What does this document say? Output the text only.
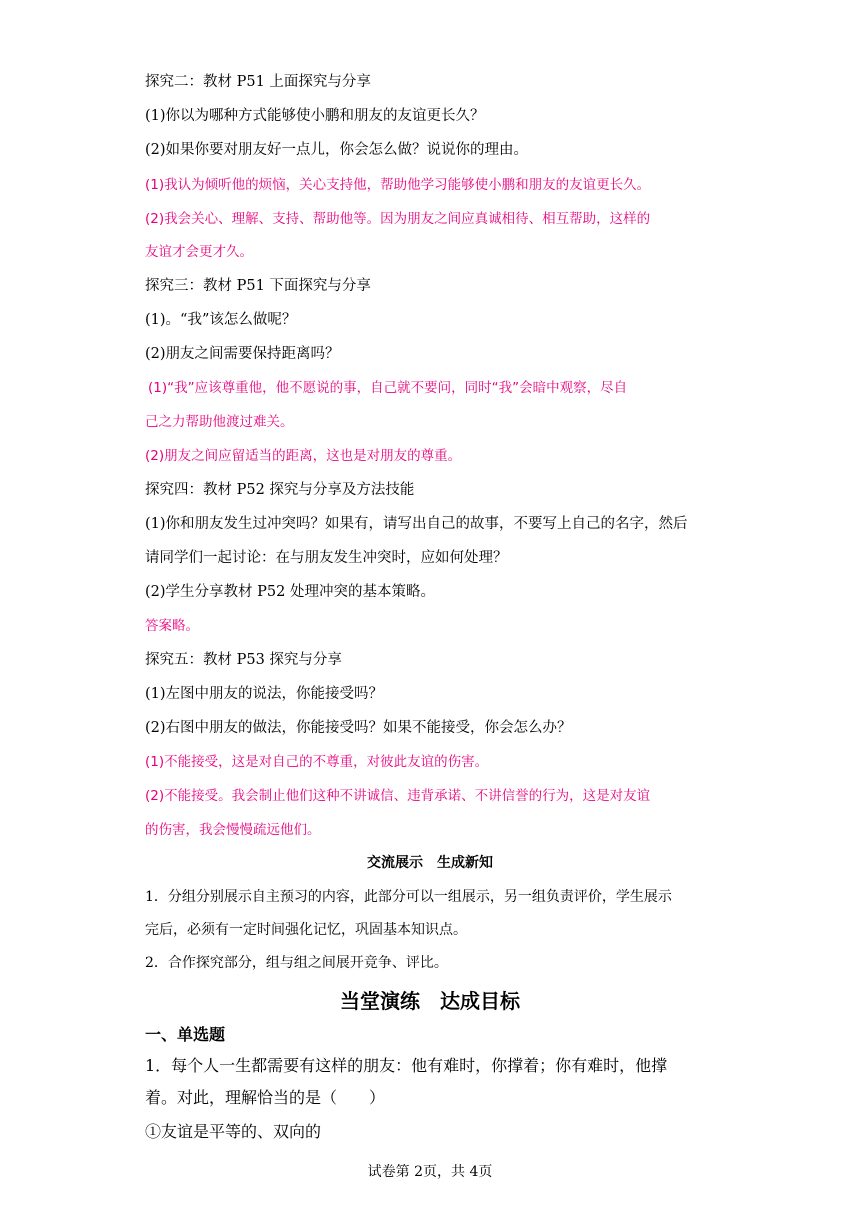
探究二：教材 P51 上面探究与分享
(1)你以为哪种方式能够使小鹏和朋友的友谊更长久？
(2)如果你要对朋友好一点儿，你会怎么做？说说你的理由。
(1)我认为倾听他的烦恼，关心支持他，帮助他学习能够使小鹏和朋友的友谊更长久。
(2)我会关心、理解、支持、帮助他等。因为朋友之间应真诚相待、相互帮助，这样的
友谊才会更才久。
探究三：教材 P51 下面探究与分享
(1)。“我”该怎么做呢？
(2)朋友之间需要保持距离吗？
(1)“我”应该尊重他，他不愿说的事，自己就不要问，同时“我”会暗中观察，尽自
己之力帮助他渡过难关。
(2)朋友之间应留适当的距离，这也是对朋友的尊重。
探究四：教材 P52 探究与分享及方法技能
(1)你和朋友发生过冲突吗？如果有，请写出自己的故事，不要写上自己的名字，然后
请同学们一起讨论：在与朋友发生冲突时，应如何处理？
(2)学生分享教材 P52 处理冲突的基本策略。
答案略。
探究五：教材 P53 探究与分享
(1)左图中朋友的说法，你能接受吗？
(2)右图中朋友的做法，你能接受吗？如果不能接受，你会怎么办？
(1)不能接受，这是对自己的不尊重，对彼此友谊的伤害。
(2)不能接受。我会制止他们这种不讲诚信、违背承诺、不讲信誉的行为，这是对友谊
的伤害，我会慢慢疏远他们。
交流展示　生成新知
1．分组分别展示自主预习的内容，此部分可以一组展示，另一组负责评价，学生展示
完后，必须有一定时间强化记忆，巩固基本知识点。
2．合作探究部分，组与组之间展开竞争、评比。
当堂演练　达成目标
一、单选题
1．每个人一生都需要有这样的朋友：他有难时，你撑着；你有难时，他撑
着。对此，理解恰当的是（　　）
①友谊是平等的、双向的
试卷第 2页，共 4页
